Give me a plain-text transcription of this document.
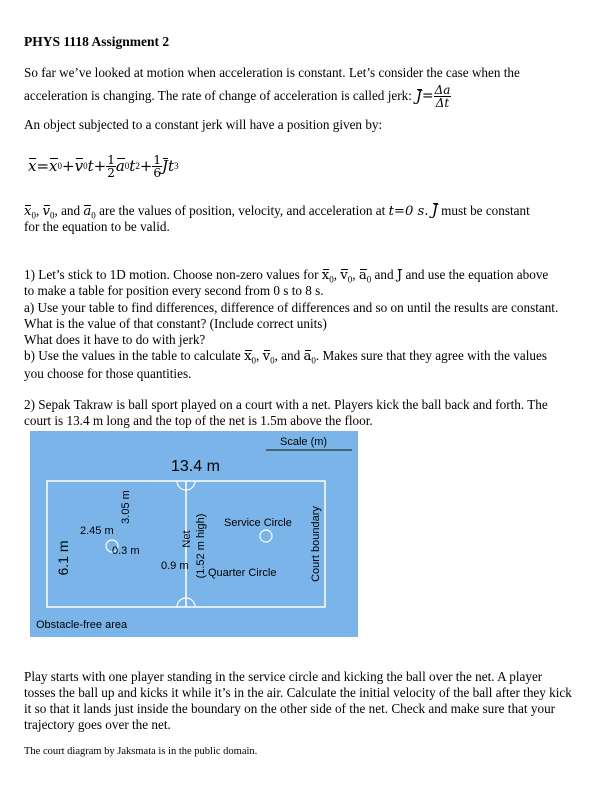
PHYS 1118 Assignment 2
So far we’ve looked at motion when acceleration is constant. Let’s consider the case when the
acceleration is changing. The rate of change of acceleration is called jerk: $J = \frac{\Delta a}{\Delta t}$
An object subjected to a constant jerk will have a position given by:
x = x 0 + v 0 $t + \frac{1}{2}$ a 0 t $2 + \frac{1}{6}$ J t 3
$x_0$, $v_0$, and $a_0$ are the values of position, velocity, and acceleration at t=0 s. J must be constant
for the equation to be valid.
1) Let’s stick to 1D motion. Choose non-zero values for $x_0$, $v_0$, $a_0$ and J and use the equation above
to make a table for position every second from 0 s to 8 s.
a) Use your table to find differences, difference of differences and so on until the results are constant.
What is the value of that constant? (Include correct units)
What does it have to do with jerk?
b) Use the values in the table to calculate $x_0$, $v_0$, and $a_0$. Makes sure that they agree with the values
you choose for those quantities.
2) Sepak Takraw is ball sport played on a court with a net. Players kick the ball back and forth. The
court is 13.4 m long and the top of the net is 1.5m above the floor.
Scale (m)
13.4 m
6.1 m
3.05 m
2.45 m
0.3 m
0.9 m
Net (1.52 m high) Service Circle
Quarter Circle	Court boundary
Obstacle-free area
Play starts with one player standing in the service circle and kicking the ball over the net. A player
tosses the ball up and kicks it while it’s in the air. Calculate the initial velocity of the ball after they kick
it so that it lands just inside the boundary on the other side of the net. Check and make sure that your
trajectory goes over the net.
The court diagram by Jaksmata is in the public domain.
